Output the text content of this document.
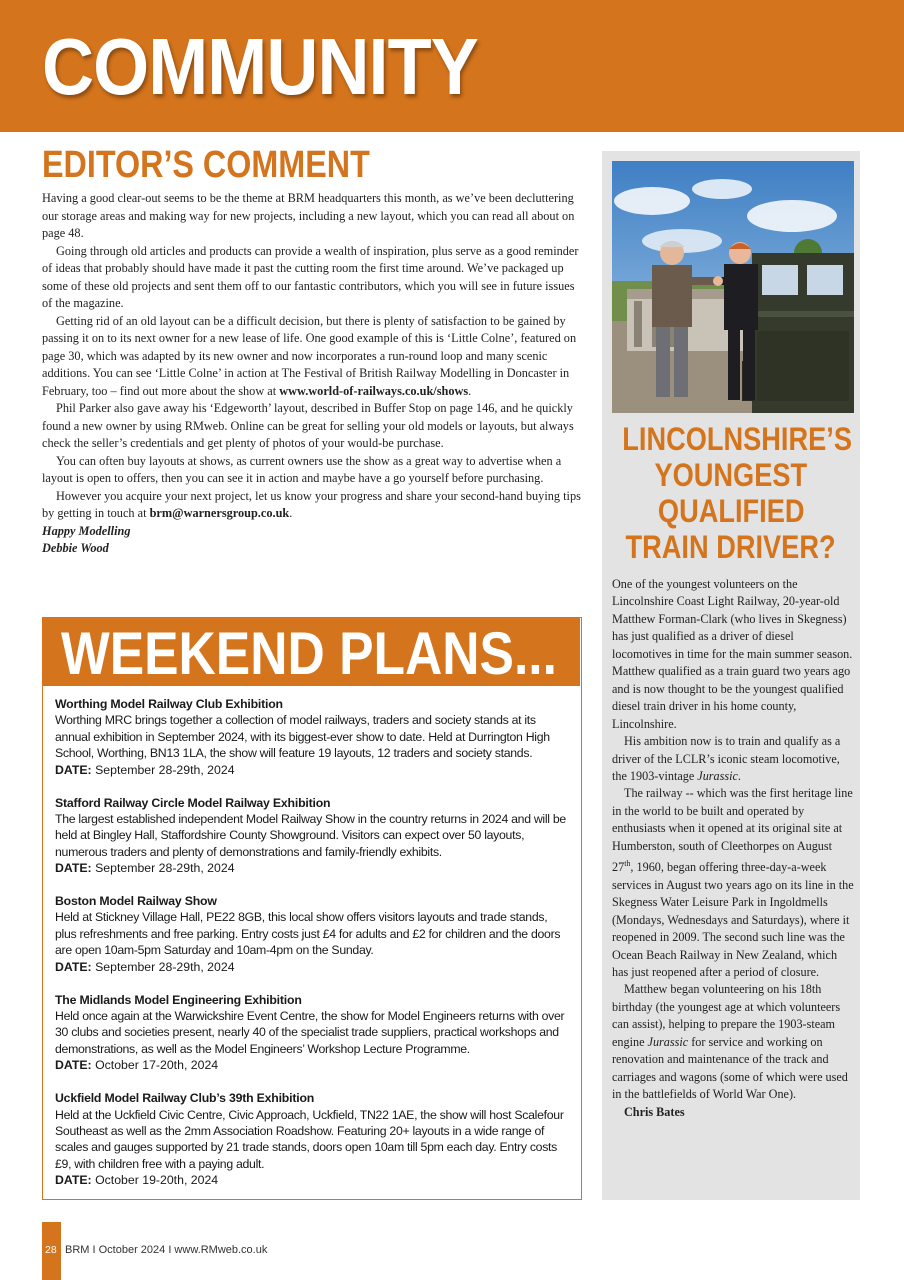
COMMUNITY
EDITOR’S COMMENT

Having a good clear-out seems to be the theme at BRM headquarters this month, as we’ve been decluttering our storage areas and making way for new projects, including a new layout, which you can read all about on page 48.

Going through old articles and products can provide a wealth of inspiration, plus serve as a good reminder of ideas that probably should have made it past the cutting room the first time around. We’ve packaged up some of these old projects and sent them off to our fantastic contributors, which you will see in future issues of the magazine.

Getting rid of an old layout can be a difficult decision, but there is plenty of satisfaction to be gained by passing it on to its next owner for a new lease of life. One good example of this is ‘Little Colne’, featured on page 30, which was adapted by its new owner and now incorporates a run-round loop and many scenic additions. You can see ‘Little Colne’ in action at The Festival of British Railway Modelling in Doncaster in February, too – find out more about the show at www.world-of-railways.co.uk/shows.

Phil Parker also gave away his ‘Edgeworth’ layout, described in Buffer Stop on page 146, and he quickly found a new owner by using RMweb. Online can be great for selling your old models or layouts, but always check the seller’s credentials and get plenty of photos of your would-be purchase.

You can often buy layouts at shows, as current owners use the show as a great way to advertise when a layout is open to offers, then you can see it in action and maybe have a go yourself before purchasing.

However you acquire your next project, let us know your progress and share your second-hand buying tips by getting in touch at brm@warnersgroup.co.uk.

Happy Modelling
Debbie Wood
WEEKEND PLANS...
Worthing Model Railway Club Exhibition
Worthing MRC brings together a collection of model railways, traders and society stands at its annual exhibition in September 2024, with its biggest-ever show to date. Held at Durrington High School, Worthing, BN13 1LA, the show will feature 19 layouts, 12 traders and society stands.
DATE: September 28-29th, 2024
Stafford Railway Circle Model Railway Exhibition
The largest established independent Model Railway Show in the country returns in 2024 and will be held at Bingley Hall, Staffordshire County Showground. Visitors can expect over 50 layouts, numerous traders and plenty of demonstrations and family-friendly exhibits.
DATE: September 28-29th, 2024
Boston Model Railway Show
Held at Stickney Village Hall, PE22 8GB, this local show offers visitors layouts and trade stands, plus refreshments and free parking. Entry costs just £4 for adults and £2 for children and the doors are open 10am-5pm Saturday and 10am-4pm on the Sunday.
DATE: September 28-29th, 2024
The Midlands Model Engineering Exhibition
Held once again at the Warwickshire Event Centre, the show for Model Engineers returns with over 30 clubs and societies present, nearly 40 of the specialist trade suppliers, practical workshops and demonstrations, as well as the Model Engineers’ Workshop Lecture Programme.
DATE: October 17-20th, 2024
Uckfield Model Railway Club’s 39th Exhibition
Held at the Uckfield Civic Centre, Civic Approach, Uckfield, TN22 1AE, the show will host Scalefour Southeast as well as the 2mm Association Roadshow. Featuring 20+ layouts in a wide range of scales and gauges supported by 21 trade stands, doors open 10am till 5pm each day. Entry costs £9, with children free with a paying adult.
DATE: October 19-20th, 2024
LINCOLNSHIRE’S
YOUNGEST
QUALIFIED
TRAIN DRIVER?

One of the youngest volunteers on the Lincolnshire Coast Light Railway, 20-year-old Matthew Forman-Clark (who lives in Skegness) has just qualified as a driver of diesel locomotives in time for the main summer season. Matthew qualified as a train guard two years ago and is now thought to be the youngest qualified diesel train driver in his home county, Lincolnshire.

His ambition now is to train and qualify as a driver of the LCLR’s iconic steam locomotive, the 1903-vintage Jurassic.

The railway -- which was the first heritage line in the world to be built and operated by enthusiasts when it opened at its original site at Humberston, south of Cleethorpes on August 27th, 1960, began offering three-day-a-week services in August two years ago on its line in the Skegness Water Leisure Park in Ingoldmells (Mondays, Wednesdays and Saturdays), where it reopened in 2009. The second such line was the Ocean Beach Railway in New Zealand, which has just reopened after a period of closure.

Matthew began volunteering on his 18th birthday (the youngest age at which volunteers can assist), helping to prepare the 1903-steam engine Jurassic for service and working on renovation and maintenance of the track and carriages and wagons (some of which were used in the battlefields of World War One).

Chris Bates

28 BRM I October 2024 I www.RMweb.co.uk
